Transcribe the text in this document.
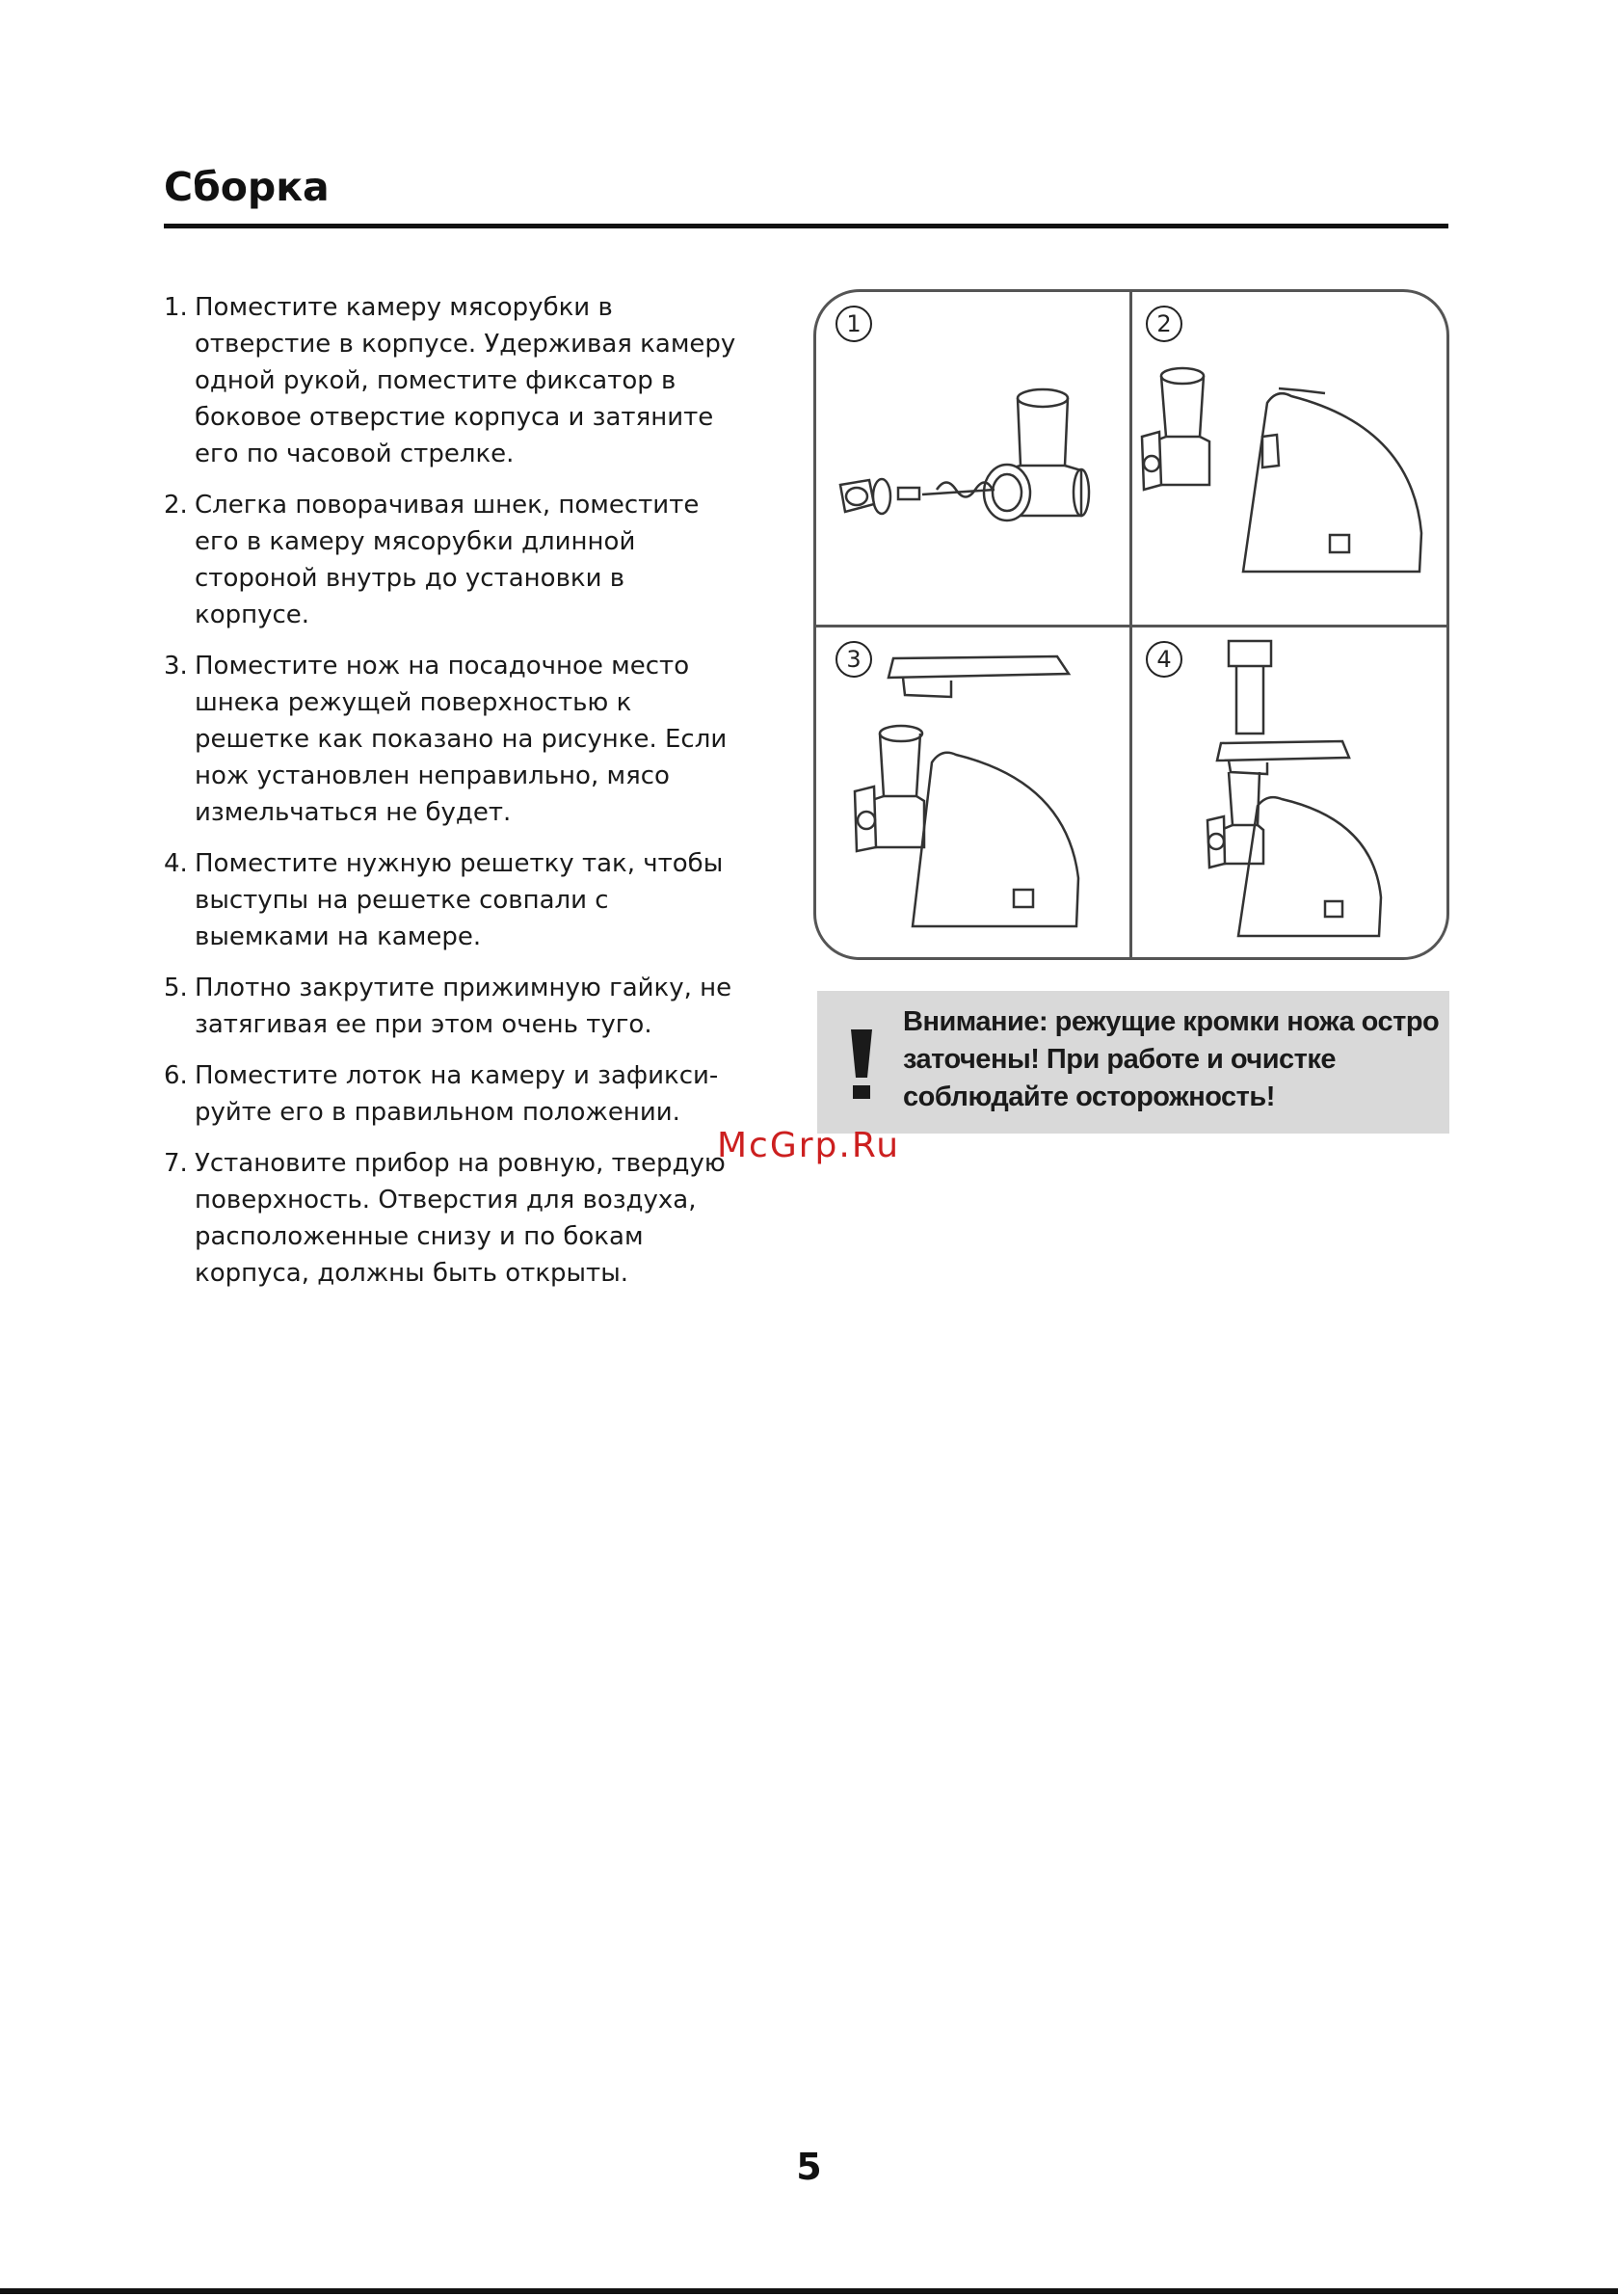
Сборка
1. Поместите камеру мясорубки в отверстие в корпусе. Удерживая камеру одной рукой, поместите фиксатор в боковое отверстие корпуса и затяните его по часовой стрелке.
2. Слегка поворачивая шнек, поместите его в камеру мясорубки длинной стороной внутрь до установки в корпусе.
3. Поместите нож на посадочное место шнека режущей поверхностью к решетке как показано на рисунке. Если нож установлен неправильно, мясо измельчаться не будет.
4. Поместите нужную решетку так, чтобы выступы на решетке совпали с выемками на камере.
5. Плотно закрутите прижимную гайку, не затягивая ее при этом очень туго.
6. Поместите лоток на камеру и зафикси-руйте его в правильном положении.
7. Установите прибор на ровную, твердую поверхность. Отверстия для воздуха, расположенные снизу и по бокам корпуса, должны быть открыты.
1	2
3	4

Внимание: режущие кромки ножа остро заточены! При работе и очистке соблюдайте осторожность!

McGrp.Ru
5
